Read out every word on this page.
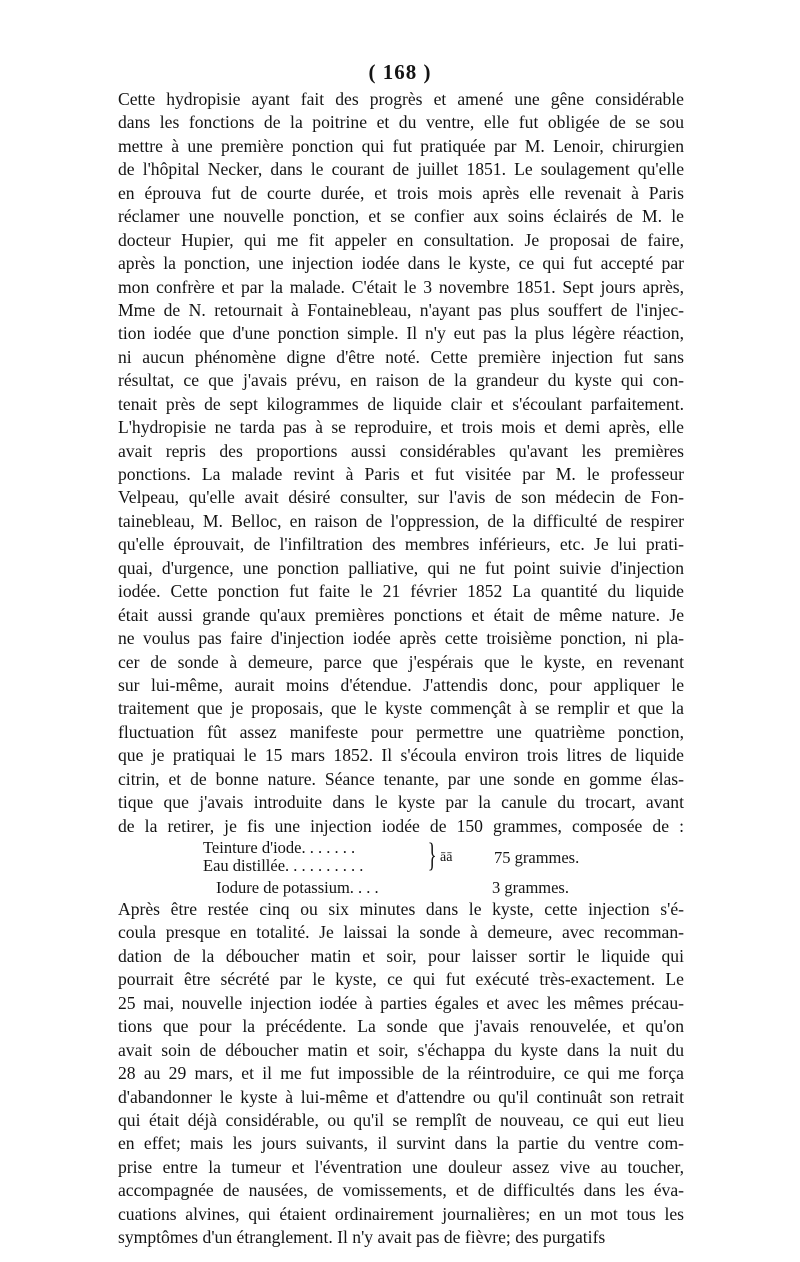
( 168 )
Cette hydropisie ayant fait des progrès et amené une gêne considérable
dans les fonctions de la poitrine et du ventre, elle fut obligée de se sou
mettre à une première ponction qui fut pratiquée par M. Lenoir, chirurgien
de l'hôpital Necker, dans le courant de juillet 1851. Le soulagement qu'elle
en éprouva fut de courte durée, et trois mois après elle revenait à Paris
réclamer une nouvelle ponction, et se confier aux soins éclairés de M. le
docteur Hupier, qui me fit appeler en consultation. Je proposai de faire,
après la ponction, une injection iodée dans le kyste, ce qui fut accepté par
mon confrère et par la malade. C'était le 3 novembre 1851. Sept jours après,
Mme de N. retournait à Fontainebleau, n'ayant pas plus souffert de l'injec-
tion iodée que d'une ponction simple. Il n'y eut pas la plus légère réaction,
ni aucun phénomène digne d'être noté. Cette première injection fut sans
résultat, ce que j'avais prévu, en raison de la grandeur du kyste qui con-
tenait près de sept kilogrammes de liquide clair et s'écoulant parfaitement.
L'hydropisie ne tarda pas à se reproduire, et trois mois et demi après, elle
avait repris des proportions aussi considérables qu'avant les premières
ponctions. La malade revint à Paris et fut visitée par M. le professeur
Velpeau, qu'elle avait désiré consulter, sur l'avis de son médecin de Fon-
tainebleau, M. Belloc, en raison de l'oppression, de la difficulté de respirer
qu'elle éprouvait, de l'infiltration des membres inférieurs, etc. Je lui prati-
quai, d'urgence, une ponction palliative, qui ne fut point suivie d'injection
iodée. Cette ponction fut faite le 21 février 1852 La quantité du liquide
était aussi grande qu'aux premières ponctions et était de même nature. Je
ne voulus pas faire d'injection iodée après cette troisième ponction, ni pla-
cer de sonde à demeure, parce que j'espérais que le kyste, en revenant
sur lui-même, aurait moins d'étendue. J'attendis donc, pour appliquer le
traitement que je proposais, que le kyste commençât à se remplir et que la
fluctuation fût assez manifeste pour permettre une quatrième ponction,
que je pratiquai le 15 mars 1852. Il s'écoula environ trois litres de liquide
citrin, et de bonne nature. Séance tenante, par une sonde en gomme élas-
tique que j'avais introduite dans le kyste par la canule du trocart, avant
de la retirer, je fis une injection iodée de 150 grammes, composée de :
Teinture d'iode. . . . . . .
Eau distillée. . . . . . . . . . } āā	75 grammes.
Iodure de potassium. . . .	3 grammes.
Après être restée cinq ou six minutes dans le kyste, cette injection s'é-
coula presque en totalité. Je laissai la sonde à demeure, avec recomman-
dation de la déboucher matin et soir, pour laisser sortir le liquide qui
pourrait être sécrété par le kyste, ce qui fut exécuté très-exactement. Le
25 mai, nouvelle injection iodée à parties égales et avec les mêmes précau-
tions que pour la précédente. La sonde que j'avais renouvelée, et qu'on
avait soin de déboucher matin et soir, s'échappa du kyste dans la nuit du
28 au 29 mars, et il me fut impossible de la réintroduire, ce qui me força
d'abandonner le kyste à lui-même et d'attendre ou qu'il continuât son retrait
qui était déjà considérable, ou qu'il se remplît de nouveau, ce qui eut lieu
en effet; mais les jours suivants, il survint dans la partie du ventre com-
prise entre la tumeur et l'éventration une douleur assez vive au toucher,
accompagnée de nausées, de vomissements, et de difficultés dans les éva-
cuations alvines, qui étaient ordinairement journalières; en un mot tous les
symptômes d'un étranglement. Il n'y avait pas de fièvre; des purgatifs
